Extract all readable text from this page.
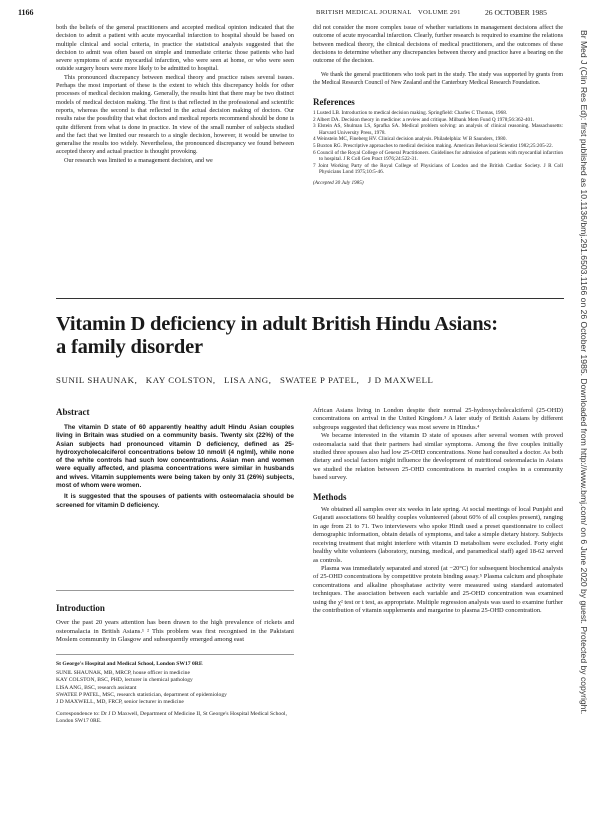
1166	BRITISH MEDICAL JOURNAL VOLUME 291	26 OCTOBER 1985
Br Med J (Clin Res Ed): first published as 10.1136/bmj.291.6503.1166 on 26 October 1985. Downloaded from http://www.bmj.com/ on 6 June 2020 by guest. Protected by copyright.

both the beliefs of the general practitioners and accepted medical opinion indicated that the decision to admit a patient with acute myocardial infarction to hospital should be based on multiple clinical and social criteria, in practice the statistical analysis suggested that the decision to admit was often based on simple and immediate criteria: those patients who had severe symptoms of acute myocardial infarction, who were seen at home, or who were seen outside surgery hours were more likely to be admitted to hospital.

This pronounced discrepancy between medical theory and practice raises several issues. Perhaps the most important of these is the extent to which this discrepancy holds for other processes of medical decision making. Generally, the results hint that there may be two distinct models of medical decision making. The first is that reflected in the professional and scientific reports, whereas the second is that reflected in the actual decision making of doctors. Our results raise the possibility that what doctors and medical reports recommend should be done is quite different from what is done in practice. In view of the small number of subjects studied and the fact that we limited our research to a single decision, however, it would be unwise to generalise the results too widely. Nevertheless, the pronounced discrepancy we found between accepted theory and actual practice is thought provoking.

Our research was limited to a management decision, and we

did not consider the more complex issue of whether variations in management decisions affect the outcome of acute myocardial infarction. Clearly, further research is required to examine the relations between medical theory, the clinical decisions of medical practitioners, and the outcomes of these decisions to determine whether any discrepancies between theory and practice have a bearing on the outcome of the decision.

We thank the general practitioners who took part in the study. The study was supported by grants from the Medical Research Council of New Zealand and the Canterbury Medical Research Foundation.

References
1 Lusted LB. Introduction to medical decision making. Springfield: Charles C Thomas, 1968.
2 Albert DA. Decision theory in medicine: a review and critique. Milbank Mem Fund Q 1978;56:362-401.
3 Elstein AS, Shulman LS, Sprafka SA. Medical problem solving: an analysis of clinical reasoning. Massachusetts: Harvard University Press, 1978.
4 Weinstein MC, Fineberg HV. Clinical decision analysis. Philadelphia: W B Saunders, 1980.
5 Buxton RG. Prescriptive approaches to medical decision making. American Behavioral Scientist 1982;25:205-22.
6 Council of the Royal College of General Practitioners. Guidelines for admission of patients with myocardial infarction to hospital. J R Coll Gen Pract 1976;24:522-31.
7 Joint Working Party of the Royal College of Physicians of London and the British Cardiac Society. J R Coll Physicians Lond 1975;10:5-46.
(Accepted 30 July 1985)
Vitamin D deficiency in adult British Hindu Asians:
a family disorder
SUNIL SHAUNAK,   KAY COLSTON,   LISA ANG,   SWATEE P PATEL,   J D MAXWELL
Abstract

The vitamin D state of 60 apparently healthy adult Hindu Asian couples living in Britain was studied on a community basis. Twenty six (22%) of the Asian subjects had pronounced vitamin D deficiency, defined as 25-hydroxycholecalciferol concentrations below 10 nmol/l (4 ng/ml), while none of the white controls had such low concentrations. Asian men and women were equally affected, and plasma concentrations were similar in husbands and wives. Vitamin supplements were being taken by only 31 (26%) subjects, most of whom were women.

It is suggested that the spouses of patients with osteomalacia should be screened for vitamin D deficiency.

Introduction

Over the past 20 years attention has been drawn to the high prevalence of rickets and osteomalacia in British Asians.¹ ² This problem was first recognised in the Pakistani Moslem community in Glasgow and subsequently emerged among east

St George's Hospital and Medical School, London SW17 0RE
SUNIL SHAUNAK, MB, MRCP, house officer in medicine
KAY COLSTON, BSC, PHD, lecturer in chemical pathology
LISA ANG, BSC, research assistant
SWATEE P PATEL, MSC, research statistician, department of epidemiology
J D MAXWELL, MD, FRCP, senior lecturer in medicine
Correspondence to: Dr J D Maxwell, Department of Medicine II, St George's Hospital Medical School, London SW17 0RE.

African Asians living in London despite their normal 25-hydroxycholecalciferol (25-OHD) concentrations on arrival in the United Kingdom.³ A later study of British Asians by different subgroups suggested that deficiency was most severe in Hindus.⁴

We became interested in the vitamin D state of spouses after several women with proved osteomalacia said that their partners had similar symptoms. Among the five couples initially studied three spouses also had low 25-OHD concentrations. None had consulted a doctor. As both dietary and social factors might influence the development of nutritional osteomalacia in Asians we studied the relation between 25-OHD concentrations in married couples in a community based survey.

Methods

We obtained all samples over six weeks in late spring. At social meetings of local Punjabi and Gujarati associations 60 healthy couples volunteered (about 60% of all couples present), ranging in age from 21 to 71. Two interviewers who spoke Hindi used a preset questionnaire to collect demographic information, obtain details of symptoms, and take a simple dietary history. Subjects receiving treatment that might interfere with vitamin D metabolism were excluded. Forty eight healthy white volunteers (laboratory, nursing, medical, and paramedical staff) aged 18-62 served as controls.

Plasma was immediately separated and stored (at −20°C) for subsequent biochemical analysis of 25-OHD concentrations by competitive protein binding assay.⁵ Plasma calcium and phosphate concentrations and alkaline phosphatase activity were measured using standard automated techniques. The association between each variable and 25-OHD concentration was examined using the χ² test or t test, as appropriate. Multiple regression analysis was used to examine further the contribution of vitamin supplements and margarine to plasma 25-OHD concentration.
